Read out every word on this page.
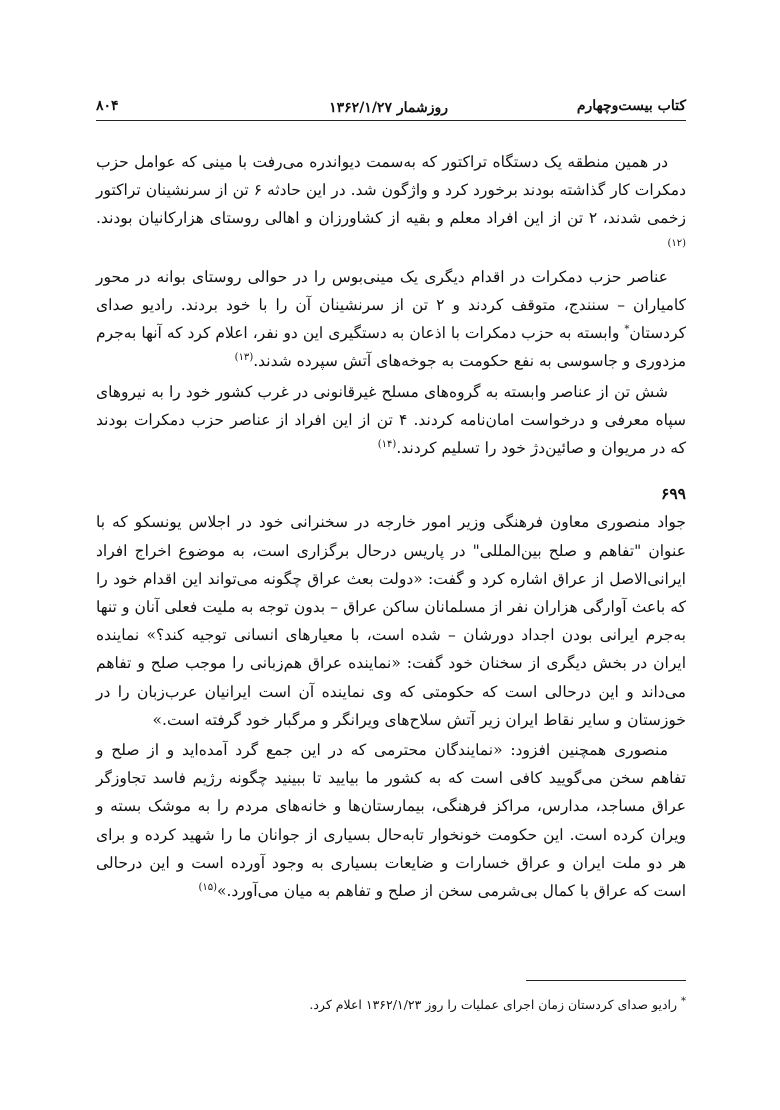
کتاب بیست‌وچهارم
روزشمار ۱۳۶۲/۱/۲۷
۸۰۴

در همین منطقه یک دستگاه تراکتور که به‌سمت دیواندره می‌رفت با مینی که عوامل حزب دمکرات کار گذاشته بودند برخورد کرد و واژگون شد. در این حادثه ۶ تن از سرنشینان تراکتور زخمی شدند، ۲ تن از این افراد معلم و بقیه از کشاورزان و اهالی روستای هزارکانیان بودند.$^{(۱۲)}$

عناصر حزب دمکرات در اقدام دیگری یک مینی‌بوس را در حوالی روستای بوانه در محور کامیاران – سنندج، متوقف کردند و ۲ تن از سرنشینان آن را با خود بردند. رادیو صدای کردستان* وابسته به حزب دمکرات با اذعان به دستگیری این دو نفر، اعلام کرد که آنها به‌جرم مزدوری و جاسوسی به نفع حکومت به جوخه‌های آتش سپرده شدند.$^{(۱۳)}$

شش تن از عناصر وابسته به گروه‌های مسلح غیرقانونی در غرب کشور خود را به نیروهای سپاه معرفی و درخواست امان‌نامه کردند. ۴ تن از این افراد از عناصر حزب دمکرات بودند که در مریوان و صائین‌دژ خود را تسلیم کردند.$^{(۱۴)}$

۶۹۹

جواد منصوری معاون فرهنگی وزیر امور خارجه در سخنرانی خود در اجلاس یونسکو که با عنوان "تفاهم و صلح بین‌المللی" در پاریس درحال برگزاری است، به موضوع اخراج افراد ایرانی‌الاصل از عراق اشاره کرد و گفت: «دولت بعث عراق چگونه می‌تواند این اقدام خود را که باعث آوارگی هزاران نفر از مسلمانان ساکن عراق – بدون توجه به ملیت فعلی آنان و تنها به‌جرم ایرانی بودن اجداد دورشان – شده است، با معیارهای انسانی توجیه کند؟» نماینده ایران در بخش دیگری از سخنان خود گفت: «نماینده عراق هم‌زبانی را موجب صلح و تفاهم می‌داند و این درحالی است که حکومتی که وی نماینده آن است ایرانیان عرب‌زبان را در خوزستان و سایر نقاط ایران زیر آتش سلاح‌های ویرانگر و مرگبار خود گرفته است.»

منصوری همچنین افزود: «نمایندگان محترمی که در این جمع گرد آمده‌اید و از صلح و تفاهم سخن می‌گویید کافی است که به کشور ما بیایید تا ببینید چگونه رژیم فاسد تجاوزگر عراق مساجد، مدارس، مراکز فرهنگی، بیمارستان‌ها و خانه‌های مردم را به موشک بسته و ویران کرده است. این حکومت خونخوار تابه‌حال بسیاری از جوانان ما را شهید کرده و برای هر دو ملت ایران و عراق خسارات و ضایعات بسیاری به وجود آورده است و این درحالی است که عراق با کمال بی‌شرمی سخن از صلح و تفاهم به میان می‌آورد.»$^{(۱۵)}$

* رادیو صدای کردستان زمان اجرای عملیات را روز ۱۳۶۲/۱/۲۳ اعلام کرد.
